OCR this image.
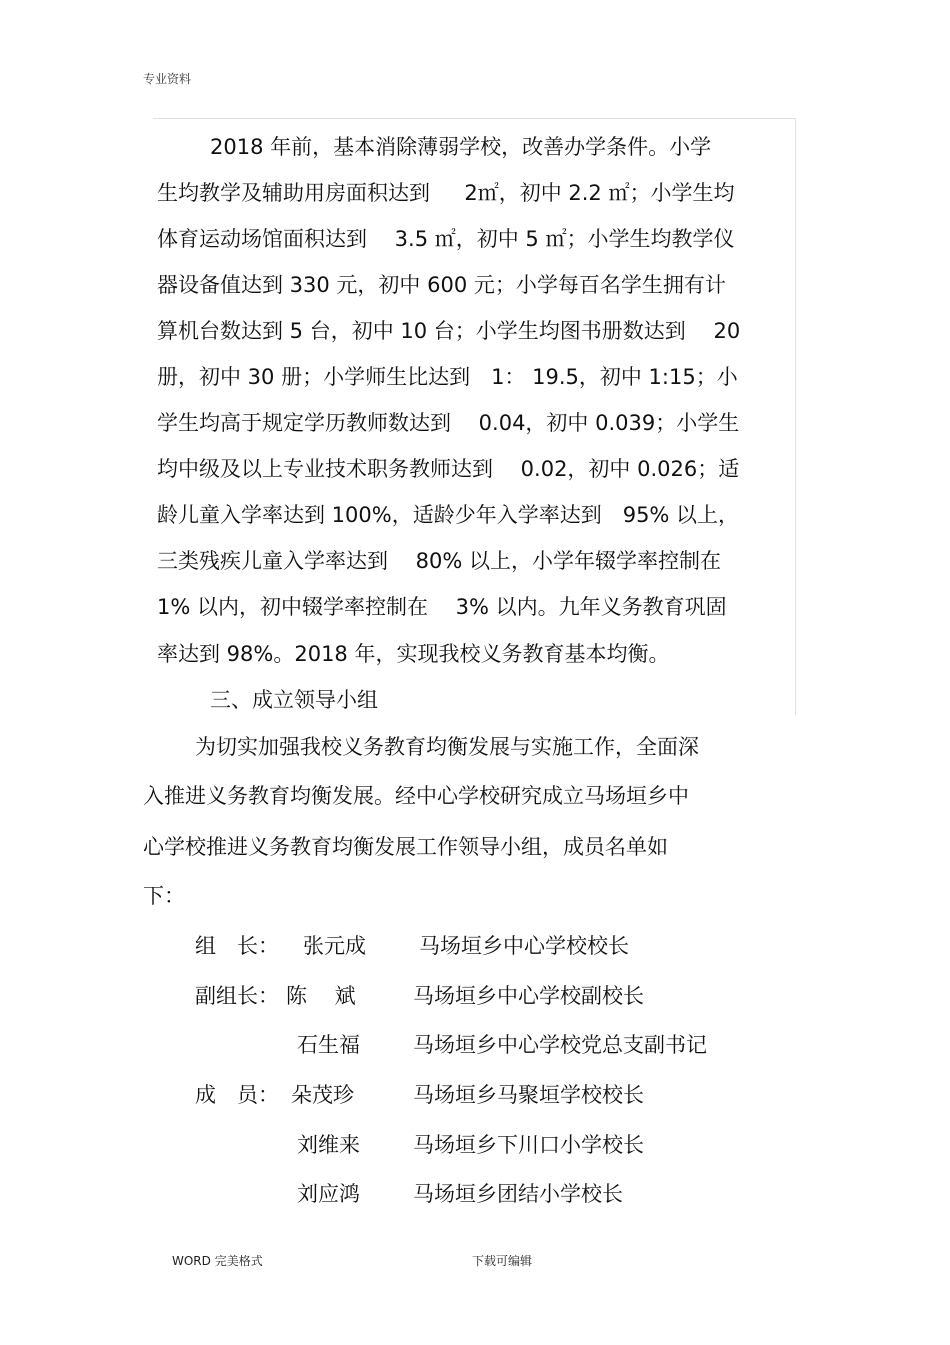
专业资料
2018 年前，基本消除薄弱学校，改善办学条件。小学
生均教学及辅助用房面积达到　  2㎡，初中 2.2 ㎡；小学生均
体育运动场馆面积达到　 3.5 ㎡，初中 5 ㎡；小学生均教学仪
器设备值达到 330 元，初中 600 元；小学每百名学生拥有计
算机台数达到 5 台，初中 10 台；小学生均图书册数达到　 20
册，初中 30 册；小学师生比达到　1： 19.5，初中 1:15；小
学生均高于规定学历教师数达到　 0.04，初中 0.039；小学生
均中级及以上专业技术职务教师达到　 0.02，初中 0.026；适
龄儿童入学率达到 100%，适龄少年入学率达到　95% 以上，
三类残疾儿童入学率达到　 80% 以上，小学年辍学率控制在
1% 以内，初中辍学率控制在　 3% 以内。九年义务教育巩固
率达到 98%。2018 年，实现我校义务教育基本均衡。
三、成立领导小组
为切实加强我校义务教育均衡发展与实施工作，全面深
入推进义务教育均衡发展。经中心学校研究成立马场垣乡中
心学校推进义务教育均衡发展工作领导小组，成员名单如
下：
组　长： 张元成	马场垣乡中心学校校长
副组长： 陈　 斌	马场垣乡中心学校副校长
石生福	马场垣乡中心学校党总支副书记
成　员： 朵茂珍	马场垣乡马聚垣学校校长
刘维来	马场垣乡下川口小学校长
刘应鸿	马场垣乡团结小学校长
WORD 完美格式	下载可编辑
